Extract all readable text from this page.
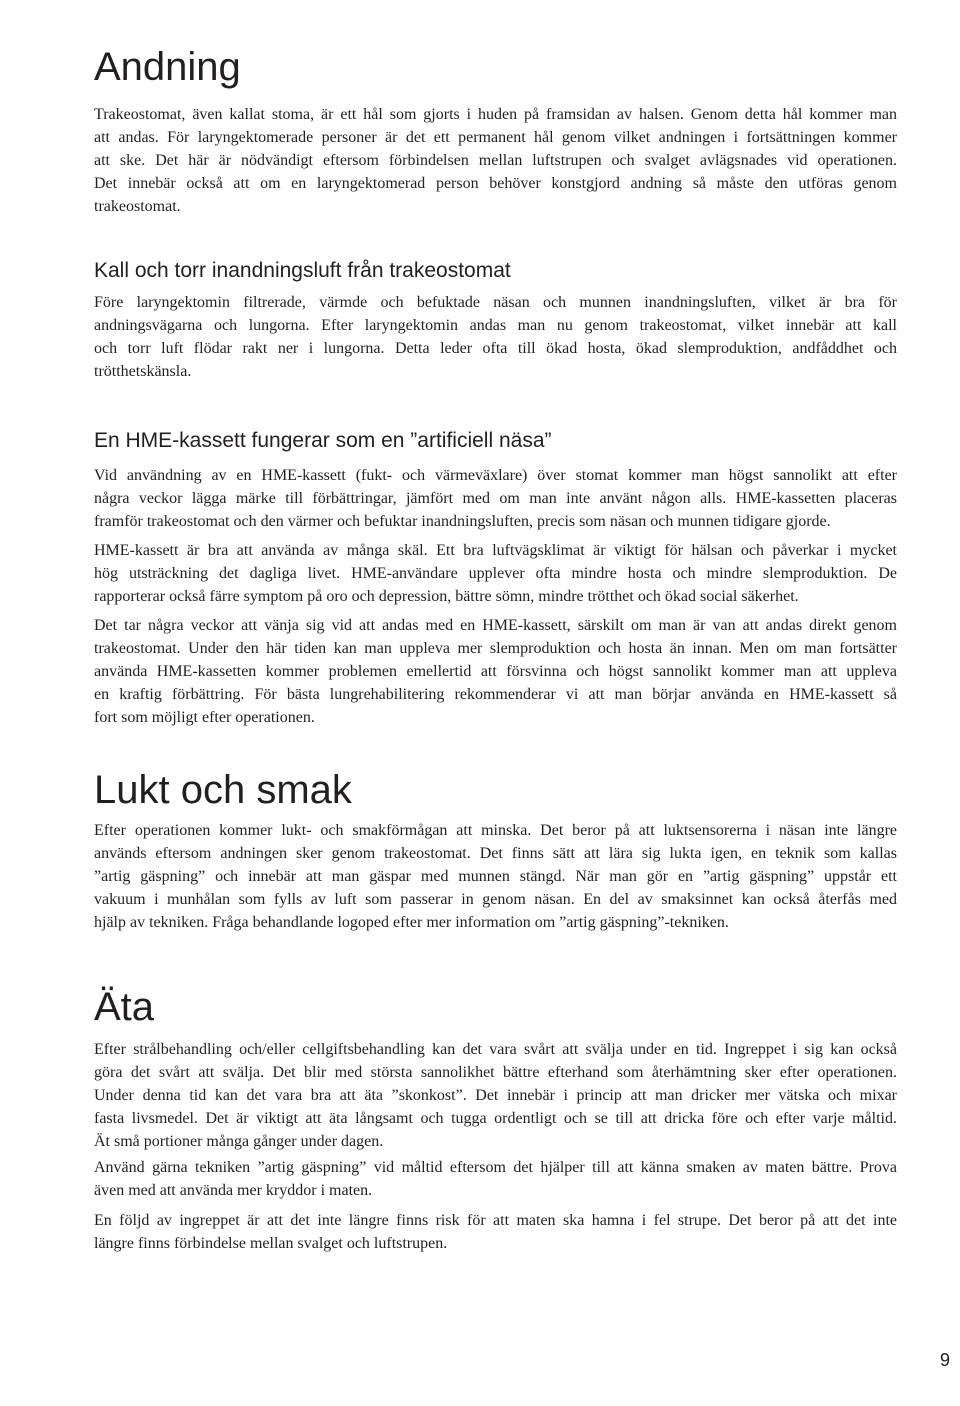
Andning
Trakeostomat, även kallat stoma, är ett hål som gjorts i huden på framsidan av halsen. Genom detta hål kommer man
att andas. För laryngektomerade personer är det ett permanent hål genom vilket andningen i fortsättningen kommer
att ske. Det här är nödvändigt eftersom förbindelsen mellan luftstrupen och svalget avlägsnades vid operationen.
Det innebär också att om en laryngektomerad person behöver konstgjord andning så måste den utföras genom
trakeostomat.
Kall och torr inandningsluft från trakeostomat
Före laryngektomin filtrerade, värmde och befuktade näsan och munnen inandningsluften, vilket är bra för
andningsvägarna och lungorna. Efter laryngektomin andas man nu genom trakeostomat, vilket innebär att kall
och torr luft flödar rakt ner i lungorna. Detta leder ofta till ökad hosta, ökad slemproduktion, andfåddhet och
trötthetskänsla.
En HME-kassett fungerar som en ”artificiell näsa”
Vid användning av en HME-kassett (fukt- och värmeväxlare) över stomat kommer man högst sannolikt att efter
några veckor lägga märke till förbättringar, jämfört med om man inte använt någon alls. HME-kassetten placeras
framför trakeostomat och den värmer och befuktar inandningsluften, precis som näsan och munnen tidigare gjorde.
HME-kassett är bra att använda av många skäl. Ett bra luftvägsklimat är viktigt för hälsan och påverkar i mycket
hög utsträckning det dagliga livet. HME-användare upplever ofta mindre hosta och mindre slemproduktion. De
rapporterar också färre symptom på oro och depression, bättre sömn, mindre trötthet och ökad social säkerhet.
Det tar några veckor att vänja sig vid att andas med en HME-kassett, särskilt om man är van att andas direkt genom
trakeostomat. Under den här tiden kan man uppleva mer slemproduktion och hosta än innan. Men om man fortsätter
använda HME-kassetten kommer problemen emellertid att försvinna och högst sannolikt kommer man att uppleva
en kraftig förbättring. För bästa lungrehabilitering rekommenderar vi att man börjar använda en HME-kassett så
fort som möjligt efter operationen.
Lukt och smak
Efter operationen kommer lukt- och smakförmågan att minska. Det beror på att luktsensorerna i näsan inte längre
används eftersom andningen sker genom trakeostomat. Det finns sätt att lära sig lukta igen, en teknik som kallas
”artig gäspning” och innebär att man gäspar med munnen stängd. När man gör en ”artig gäspning” uppstår ett
vakuum i munhålan som fylls av luft som passerar in genom näsan. En del av smaksinnet kan också återfås med
hjälp av tekniken. Fråga behandlande logoped efter mer information om ”artig gäspning”-tekniken.
Äta
Efter strålbehandling och/eller cellgiftsbehandling kan det vara svårt att svälja under en tid. Ingreppet i sig kan också
göra det svårt att svälja. Det blir med största sannolikhet bättre efterhand som återhämtning sker efter operationen.
Under denna tid kan det vara bra att äta ”skonkost”. Det innebär i princip att man dricker mer vätska och mixar
fasta livsmedel. Det är viktigt att äta långsamt och tugga ordentligt och se till att dricka före och efter varje måltid.
Ät små portioner många gånger under dagen.
Använd gärna tekniken ”artig gäspning” vid måltid eftersom det hjälper till att känna smaken av maten bättre. Prova
även med att använda mer kryddor i maten.
En följd av ingreppet är att det inte längre finns risk för att maten ska hamna i fel strupe. Det beror på att det inte
längre finns förbindelse mellan svalget och luftstrupen.
9
